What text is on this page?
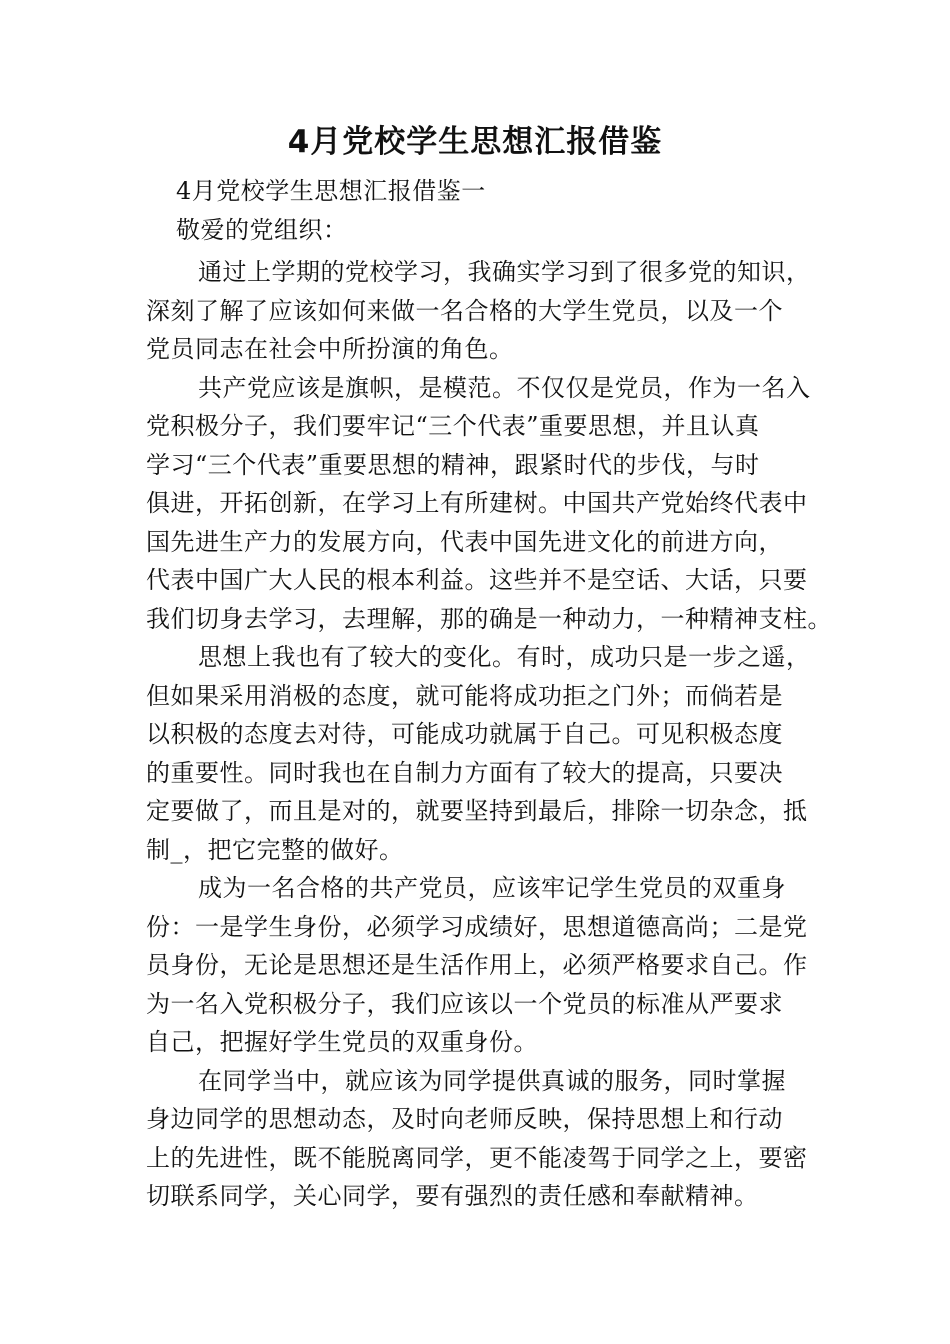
4月党校学生思想汇报借鉴
4月党校学生思想汇报借鉴一
敬爱的党组织：
通过上学期的党校学习，我确实学习到了很多党的知识，
深刻了解了应该如何来做一名合格的大学生党员，以及一个
党员同志在社会中所扮演的角色。
共产党应该是旗帜，是模范。不仅仅是党员，作为一名入
党积极分子，我们要牢记“三个代表”重要思想，并且认真
学习“三个代表”重要思想的精神，跟紧时代的步伐，与时
俱进，开拓创新，在学习上有所建树。中国共产党始终代表中
国先进生产力的发展方向，代表中国先进文化的前进方向，
代表中国广大人民的根本利益。这些并不是空话、大话，只要
我们切身去学习，去理解，那的确是一种动力，一种精神支柱。
思想上我也有了较大的变化。有时，成功只是一步之遥，
但如果采用消极的态度，就可能将成功拒之门外；而倘若是
以积极的态度去对待，可能成功就属于自己。可见积极态度
的重要性。同时我也在自制力方面有了较大的提高，只要决
定要做了，而且是对的，就要坚持到最后，排除一切杂念，抵
制_，把它完整的做好。
成为一名合格的共产党员，应该牢记学生党员的双重身
份：一是学生身份，必须学习成绩好，思想道德高尚；二是党
员身份，无论是思想还是生活作用上，必须严格要求自己。作
为一名入党积极分子，我们应该以一个党员的标准从严要求
自己，把握好学生党员的双重身份。
在同学当中，就应该为同学提供真诚的服务，同时掌握
身边同学的思想动态，及时向老师反映，保持思想上和行动
上的先进性，既不能脱离同学，更不能凌驾于同学之上，要密
切联系同学，关心同学，要有强烈的责任感和奉献精神。
